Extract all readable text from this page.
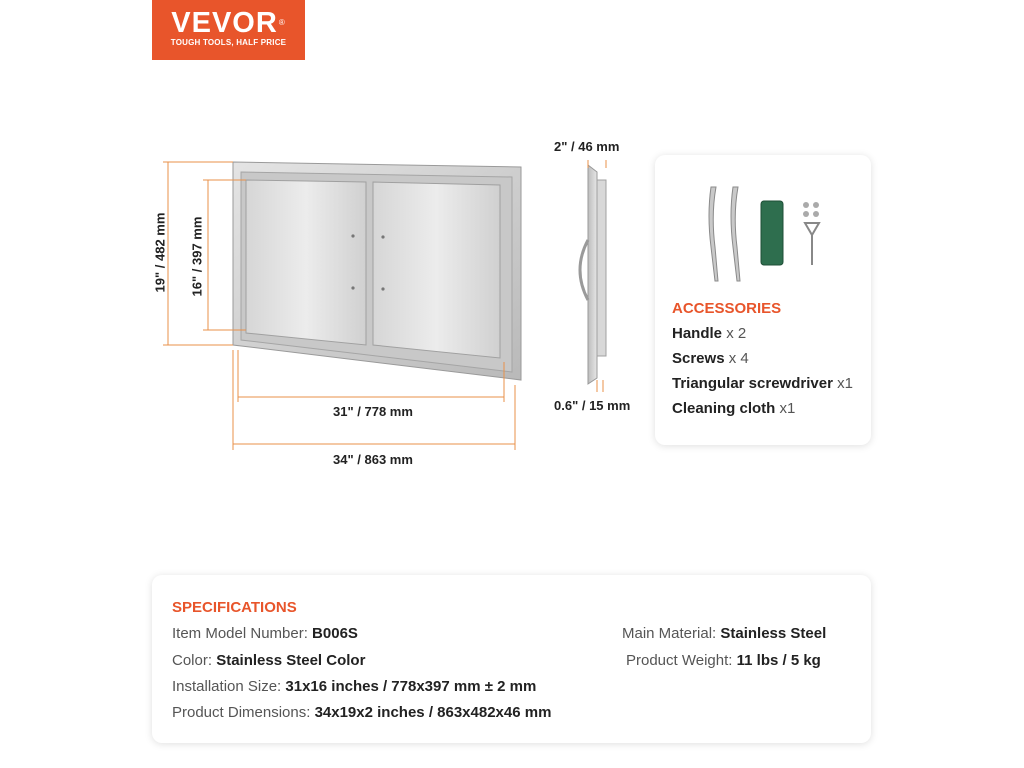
VEVOR®
TOUGH TOOLS, HALF PRICE
19" / 482 mm 16" / 397 mm
31" / 778 mm
34" / 863 mm
2" / 46 mm
0.6" / 15 mm
ACCESSORIES
Handle x 2
Screws x 4
Triangular screwdriver x1
Cleaning cloth x1
SPECIFICATIONS
Item Model Number: B006S
Color: Stainless Steel Color
Installation Size: 31x16 inches / 778x397 mm ± 2 mm
Product Dimensions: 34x19x2 inches / 863x482x46 mm
Main Material: Stainless Steel
Product Weight: 11 lbs / 5 kg
